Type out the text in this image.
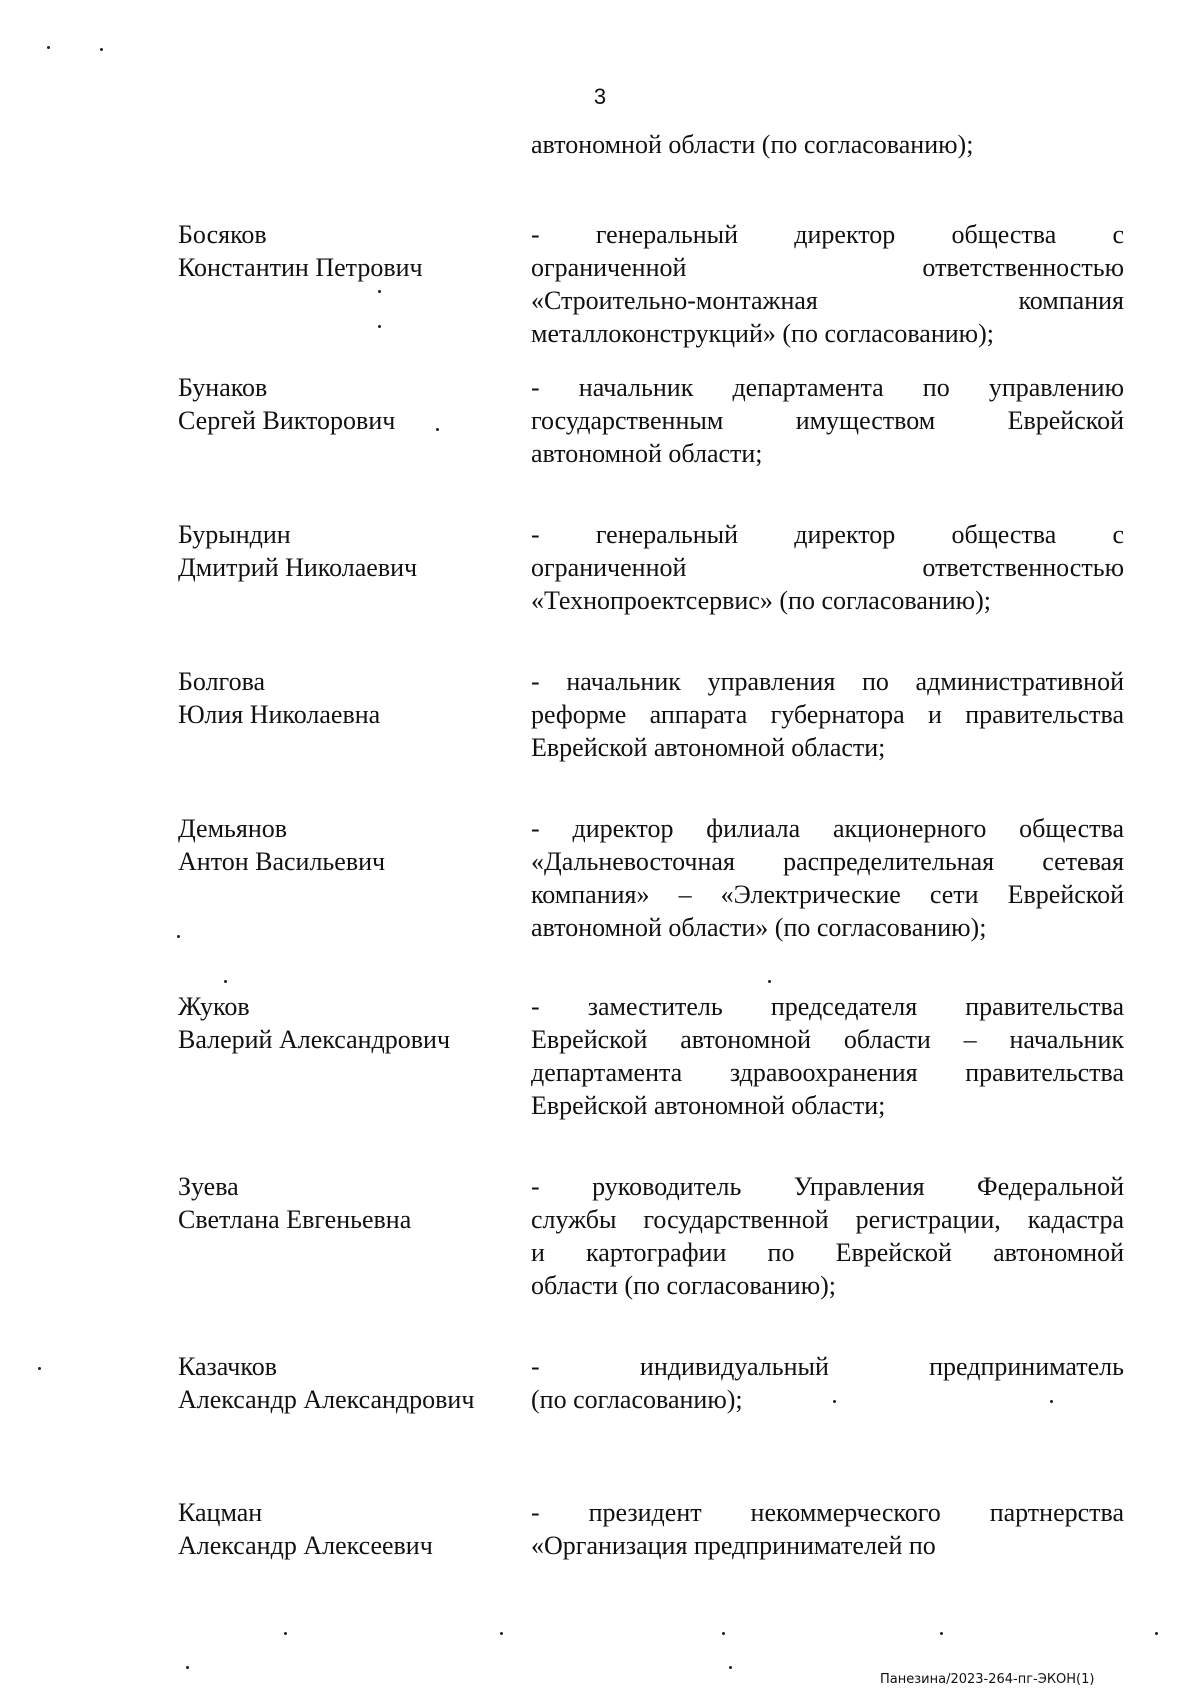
3
автономной области (по согласованию);
Босяков
Константин Петрович
- генеральный директор общества с
ограниченной ответственностью
«Строительно-монтажная компания
металлоконструкций» (по согласованию);
Бунаков
Сергей Викторович
- начальник департамента по управлению
государственным имуществом Еврейской
автономной области;
Бурындин
Дмитрий Николаевич
- генеральный директор общества с
ограниченной ответственностью
«Технопроектсервис» (по согласованию);
Болгова
Юлия Николаевна
- начальник управления по административной
реформе аппарата губернатора и правительства
Еврейской автономной области;
Демьянов
Антон Васильевич
- директор филиала акционерного общества
«Дальневосточная распределительная сетевая
компания» – «Электрические сети Еврейской
автономной области» (по согласованию);
Жуков
Валерий Александрович
- заместитель председателя правительства
Еврейской автономной области – начальник
департамента здравоохранения правительства
Еврейской автономной области;
Зуева
Светлана Евгеньевна
- руководитель Управления Федеральной
службы государственной регистрации, кадастра
и картографии по Еврейской автономной
области (по согласованию);
Казачков
Александр Александрович
- индивидуальный предприниматель
(по согласованию);
Кацман
Александр Алексеевич
- президент некоммерческого партнерства
«Организация предпринимателей по
Панезина/2023-264-пг-ЭКОН(1)
